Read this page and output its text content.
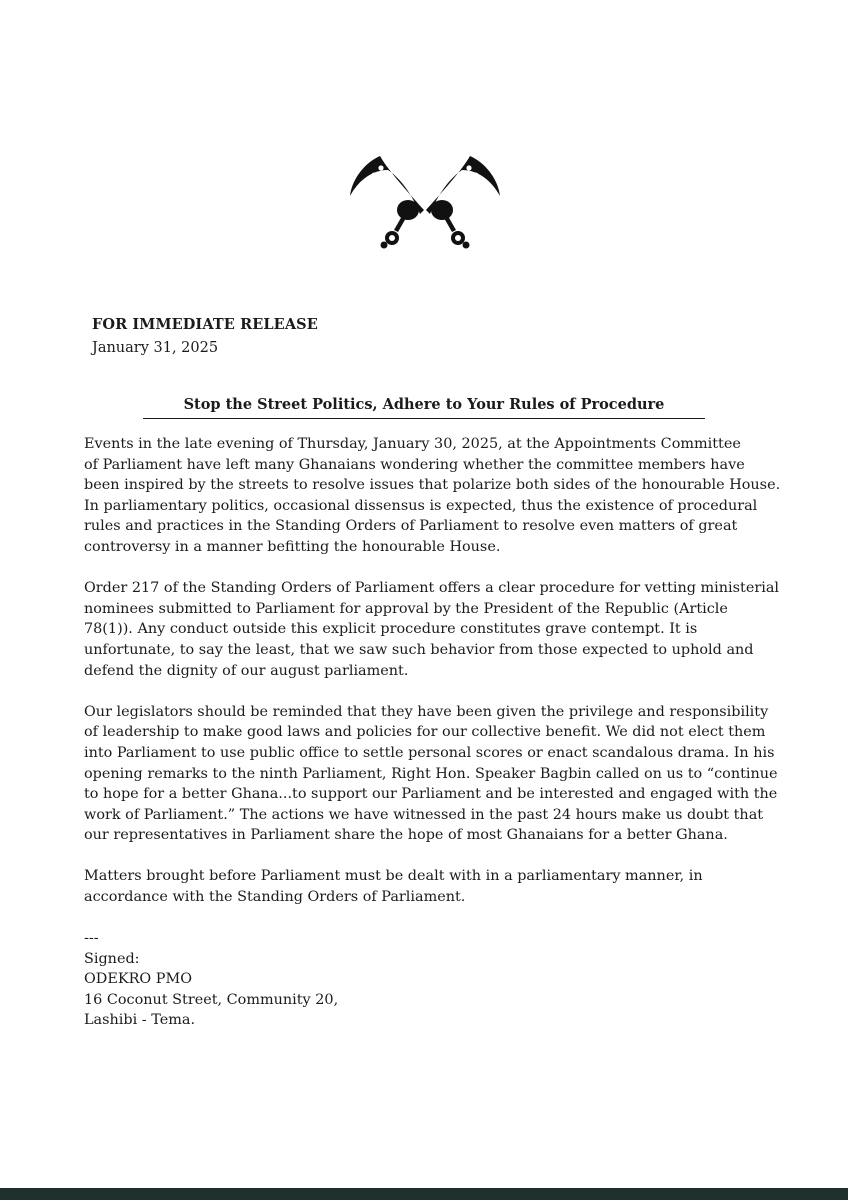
FOR IMMEDIATE RELEASE
January 31, 2025
Stop the Street Politics, Adhere to Your Rules of Procedure

Events in the late evening of Thursday, January 30, 2025, at the Appointments Committee
of Parliament have left many Ghanaians wondering whether the committee members have
been inspired by the streets to resolve issues that polarize both sides of the honourable House.
In parliamentary politics, occasional dissensus is expected, thus the existence of procedural
rules and practices in the Standing Orders of Parliament to resolve even matters of great
controversy in a manner befitting the honourable House.

Order 217 of the Standing Orders of Parliament offers a clear procedure for vetting ministerial
nominees submitted to Parliament for approval by the President of the Republic (Article
78(1)). Any conduct outside this explicit procedure constitutes grave contempt. It is
unfortunate, to say the least, that we saw such behavior from those expected to uphold and
defend the dignity of our august parliament.

Our legislators should be reminded that they have been given the privilege and responsibility
of leadership to make good laws and policies for our collective benefit. We did not elect them
into Parliament to use public office to settle personal scores or enact scandalous drama. In his
opening remarks to the ninth Parliament, Right Hon. Speaker Bagbin called on us to “continue
to hope for a better Ghana...to support our Parliament and be interested and engaged with the
work of Parliament.” The actions we have witnessed in the past 24 hours make us doubt that
our representatives in Parliament share the hope of most Ghanaians for a better Ghana.

Matters brought before Parliament must be dealt with in a parliamentary manner, in
accordance with the Standing Orders of Parliament.

---
Signed:
ODEKRO PMO
16 Coconut Street, Community 20,
Lashibi - Tema.
